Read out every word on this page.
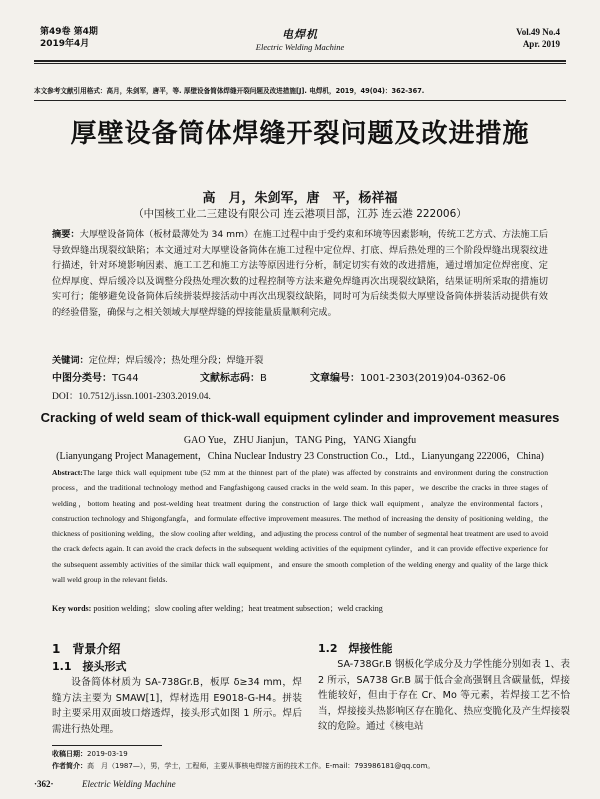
第49卷 第4期
2019年4月
电焊机
Electric Welding Machine
Vol.49 No.4
Apr. 2019
本文参考文献引用格式：高月，朱剑军，唐平，等. 厚壁设备简体焊缝开裂问题及改进措施[J]. 电焊机，2019，49(04)：362-367.
厚壁设备筒体焊缝开裂问题及改进措施
高　月，朱剑军，唐　平，杨祥福
（中国核工业二三建设有限公司 连云港项目部，江苏 连云港 222006）
摘要：大厚壁设备筒体（板材最薄处为 34 mm）在施工过程中由于受约束和环境等因素影响，传统工艺方式、方法施工后导致焊缝出现裂纹缺陷；本文通过对大厚壁设备筒体在施工过程中定位焊、打底、焊后热处理的三个阶段焊缝出现裂纹进行描述，针对环境影响因素、施工工艺和施工方法等原因进行分析，制定切实有效的改进措施，通过增加定位焊密度、定位焊厚度、焊后缓冷以及调整分段热处理次数的过程控制等方法来避免焊缝再次出现裂纹缺陷，结果证明所采取的措施切实可行；能够避免设备筒体后续拼装焊接活动中再次出现裂纹缺陷，同时可为后续类似大厚壁设备筒体拼装活动提供有效的经验借鉴，确保与之相关领域大厚壁焊缝的焊接能量质量顺利完成。
关键词：定位焊；焊后缓冷；热处理分段；焊缝开裂
中图分类号：TG44	文献标志码：B	文章编号：1001-2303(2019)04-0362-06
DOI：10.7512/j.issn.1001-2303.2019.04.
Cracking of weld seam of thick-wall equipment cylinder and improvement measures
GAO Yue，ZHU Jianjun，TANG Ping，YANG Xiangfu
(Lianyungang Project Management，China Nuclear Industry 23 Construction Co.，Ltd.，Lianyungang 222006，China)
Abstract:The large thick wall equipment tube (52 mm at the thinnest part of the plate) was affected by constraints and environment during the construction process，and the traditional technology method and Fangfashigong caused cracks in the weld seam. In this paper，we describe the cracks in three stages of welding，bottom heating and post-welding heat treatment during the construction of large thick wall equipment，analyze the environmental factors，construction technology and Shigongfangfa，and formulate effective improvement measures. The method of increasing the density of positioning welding，the thickness of positioning welding，the slow cooling after welding，and adjusting the process control of the number of segmental heat treatment are used to avoid the crack defects again. It can avoid the crack defects in the subsequent welding activities of the equipment cylinder，and it can provide effective experience for the subsequent assembly activities of the similar thick wall equipment，and ensure the smooth completion of the welding energy and quality of the large thick wall weld group in the relevant fields.
Key words: position welding；slow cooling after welding；heat treatment subsection；weld cracking
1　背景介绍
1.1　接头形式

设备简体材质为 SA-738Gr.B，板厚 δ≥34 mm，焊缝方法主要为 SMAW[1]，焊材选用 E9018-G-H4。拼装时主要采用双面坡口熔透焊，接头形式如图 1 所示。焊后需进行热处理。

1.2　焊接性能

SA-738Gr.B 钢板化学成分及力学性能分别如表 1、表 2 所示，SA738 Gr.B 属于低合金高强钢且含碳量低，焊接性能较好，但由于存在 Cr、Mo 等元素，若焊接工艺不恰当，焊接接头热影响区存在脆化、热应变脆化及产生焊接裂纹的危险。通过《核电站

收稿日期：2019-03-19
作者简介：高　月（1987—），男，学士，工程师，主要从事核电焊接方面的技术工作。E-mail：793986181@qq.com。
·362·	Electric Welding Machine
